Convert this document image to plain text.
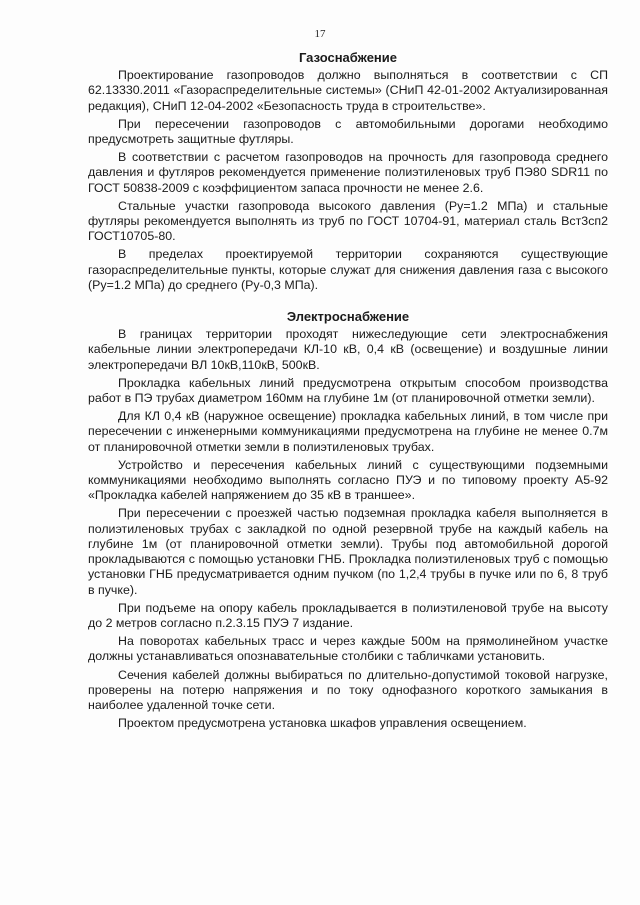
17
Газоснабжение

Проектирование газопроводов должно выполняться в соответствии с СП 62.13330.2011 «Газораспределительные системы» (СНиП 42-01-2002 Актуализированная редакция), СНиП 12-04-2002 «Безопасность труда в строительстве».

При пересечении газопроводов с автомобильными дорогами необходимо предусмотреть защитные футляры.

В соответствии с расчетом газопроводов на прочность для газопровода среднего давления и футляров рекомендуется применение полиэтиленовых труб ПЭ80 SDR11 по ГОСТ 50838-2009 с коэффициентом запаса прочности не менее 2.6.

Стальные участки газопровода высокого давления (Ру=1.2 МПа) и стальные футляры рекомендуется выполнять из труб по ГОСТ 10704-91, материал сталь Вст3сп2 ГОСТ10705-80.

В пределах проектируемой территории сохраняются существующие газораспределительные пункты, которые служат для снижения давления газа с высокого (Ру=1.2 МПа) до среднего (Ру-0,3 МПа).

Электроснабжение

В границах территории проходят нижеследующие сети электроснабжения кабельные линии электропередачи КЛ-10 кВ, 0,4 кВ (освещение) и воздушные линии электропередачи ВЛ 10кВ,110кВ, 500кВ.

Прокладка кабельных линий предусмотрена открытым способом производства работ в ПЭ трубах диаметром 160мм на глубине 1м (от планировочной отметки земли).

Для КЛ 0,4 кВ (наружное освещение) прокладка кабельных линий, в том числе при пересечении с инженерными коммуникациями предусмотрена на глубине не менее 0.7м от планировочной отметки земли в полиэтиленовых трубах.

Устройство и пересечения кабельных линий с существующими подземными коммуникациями необходимо выполнять согласно ПУЭ и по типовому проекту А5-92 «Прокладка кабелей напряжением до 35 кВ в траншее».

При пересечении с проезжей частью подземная прокладка кабеля выполняется в полиэтиленовых трубах с закладкой по одной резервной трубе на каждый кабель на глубине 1м (от планировочной отметки земли). Трубы под автомобильной дорогой прокладываются с помощью установки ГНБ. Прокладка полиэтиленовых труб с помощью установки ГНБ предусматривается одним пучком (по 1,2,4 трубы в пучке или по 6, 8 труб в пучке).

При подъеме на опору кабель прокладывается в полиэтиленовой трубе на высоту до 2 метров согласно п.2.3.15 ПУЭ 7 издание.

На поворотах кабельных трасс и через каждые 500м на прямолинейном участке должны устанавливаться опознавательные столбики с табличками установить.

Сечения кабелей должны выбираться по длительно-допустимой токовой нагрузке, проверены на потерю напряжения и по току однофазного короткого замыкания в наиболее удаленной точке сети.

Проектом предусмотрена установка шкафов управления освещением.
